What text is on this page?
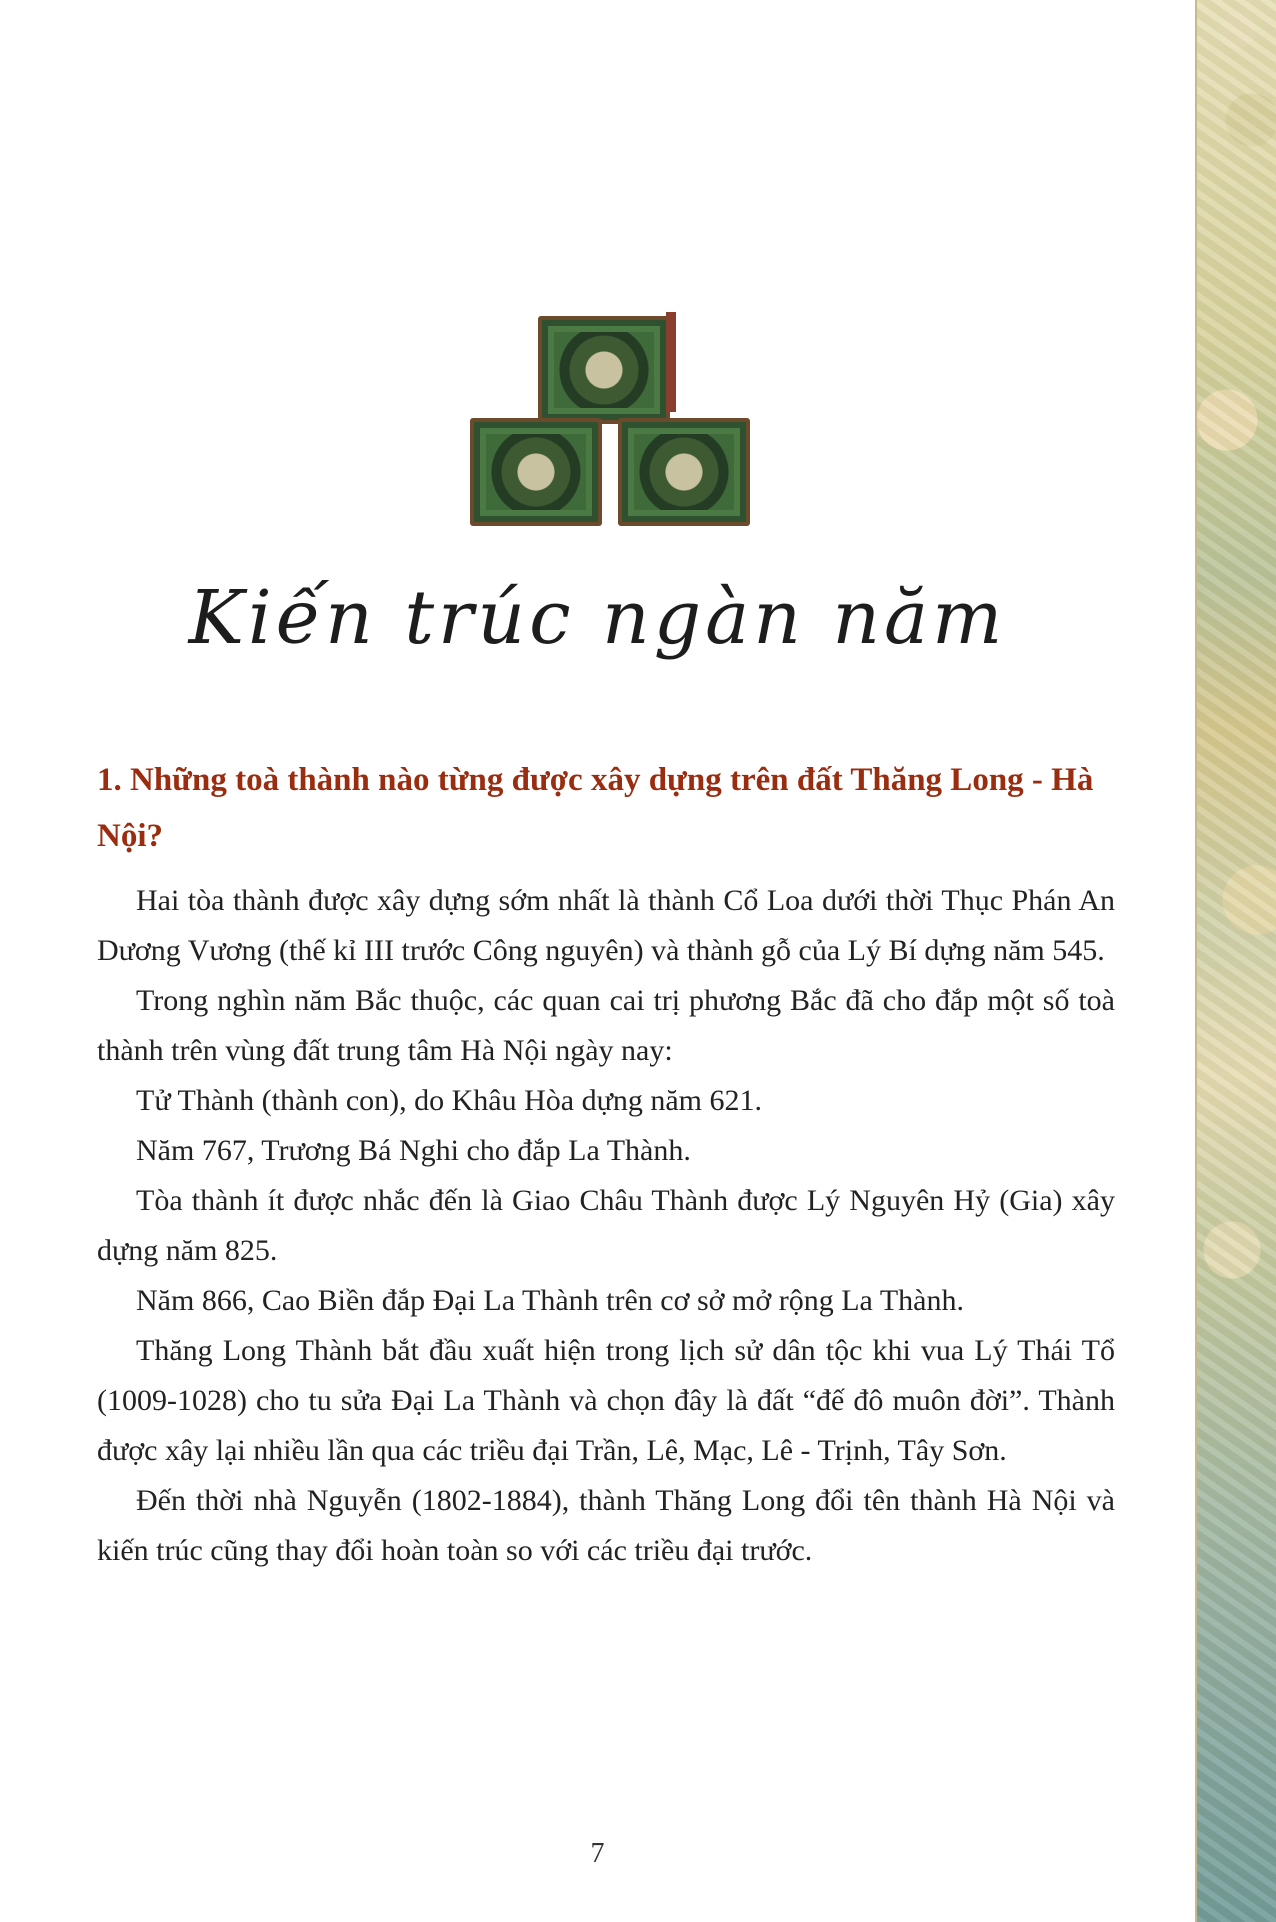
Kiến trúc ngàn năm
1. Những toà thành nào từng được xây dựng trên đất Thăng Long - Hà Nội?

Hai tòa thành được xây dựng sớm nhất là thành Cổ Loa dưới thời Thục Phán An Dương Vương (thế kỉ III trước Công nguyên) và thành gỗ của Lý Bí dựng năm 545.

Trong nghìn năm Bắc thuộc, các quan cai trị phương Bắc đã cho đắp một số toà thành trên vùng đất trung tâm Hà Nội ngày nay:

Tử Thành (thành con), do Khâu Hòa dựng năm 621.

Năm 767, Trương Bá Nghi cho đắp La Thành.

Tòa thành ít được nhắc đến là Giao Châu Thành được Lý Nguyên Hỷ (Gia) xây dựng năm 825.

Năm 866, Cao Biền đắp Đại La Thành trên cơ sở mở rộng La Thành.

Thăng Long Thành bắt đầu xuất hiện trong lịch sử dân tộc khi vua Lý Thái Tổ (1009-1028) cho tu sửa Đại La Thành và chọn đây là đất “đế đô muôn đời”. Thành được xây lại nhiều lần qua các triều đại Trần, Lê, Mạc, Lê - Trịnh, Tây Sơn.

Đến thời nhà Nguyễn (1802-1884), thành Thăng Long đổi tên thành Hà Nội và kiến trúc cũng thay đổi hoàn toàn so với các triều đại trước.

7
